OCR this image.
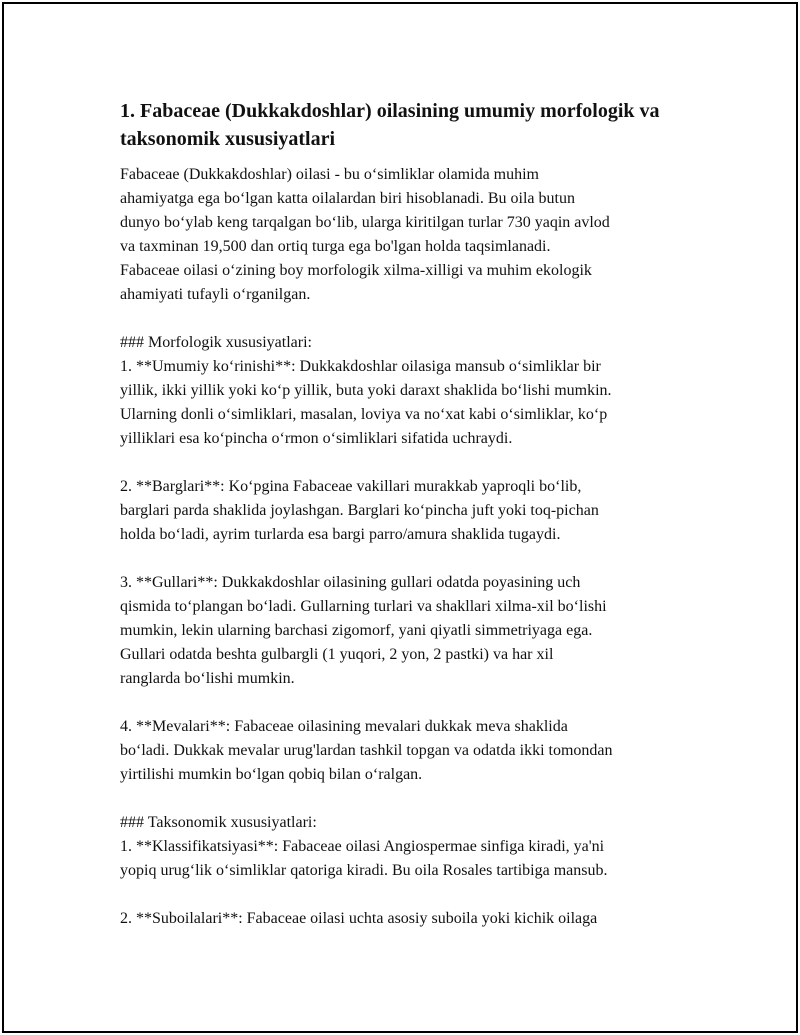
1. Fabaceae (Dukkakdoshlar) oilasining umumiy morfologik va
taksonomik xususiyatlari

Fabaceae (Dukkakdoshlar) oilasi - bu o‘simliklar olamida muhim
ahamiyatga ega bo‘lgan katta oilalardan biri hisoblanadi. Bu oila butun
dunyo bo‘ylab keng tarqalgan bo‘lib, ularga kiritilgan turlar 730 yaqin avlod
va taxminan 19,500 dan ortiq turga ega bo'lgan holda taqsimlanadi.
Fabaceae oilasi o‘zining boy morfologik xilma-xilligi va muhim ekologik
ahamiyati tufayli o‘rganilgan.

### Morfologik xususiyatlari:
1. **Umumiy ko‘rinishi**: Dukkakdoshlar oilasiga mansub o‘simliklar bir
yillik, ikki yillik yoki ko‘p yillik, buta yoki daraxt shaklida bo‘lishi mumkin.
Ularning donli o‘simliklari, masalan, loviya va no‘xat kabi o‘simliklar, ko‘p
yilliklari esa ko‘pincha o‘rmon o‘simliklari sifatida uchraydi.

2. **Barglari**: Ko‘pgina Fabaceae vakillari murakkab yaproqli bo‘lib,
barglari parda shaklida joylashgan. Barglari ko‘pincha juft yoki toq-pichan
holda bo‘ladi, ayrim turlarda esa bargi parro/amura shaklida tugaydi.

3. **Gullari**: Dukkakdoshlar oilasining gullari odatda poyasining uch
qismida to‘plangan bo‘ladi. Gullarning turlari va shakllari xilma-xil bo‘lishi
mumkin, lekin ularning barchasi zigomorf, yani qiyatli simmetriyaga ega.
Gullari odatda beshta gulbargli (1 yuqori, 2 yon, 2 pastki) va har xil
ranglarda bo‘lishi mumkin.

4. **Mevalari**: Fabaceae oilasining mevalari dukkak meva shaklida
bo‘ladi. Dukkak mevalar urug'lardan tashkil topgan va odatda ikki tomondan
yirtilishi mumkin bo‘lgan qobiq bilan o‘ralgan.

### Taksonomik xususiyatlari:
1. **Klassifikatsiyasi**: Fabaceae oilasi Angiospermae sinfiga kiradi, ya'ni
yopiq urug‘lik o‘simliklar qatoriga kiradi. Bu oila Rosales tartibiga mansub.

2. **Suboilalari**: Fabaceae oilasi uchta asosiy suboila yoki kichik oilaga
